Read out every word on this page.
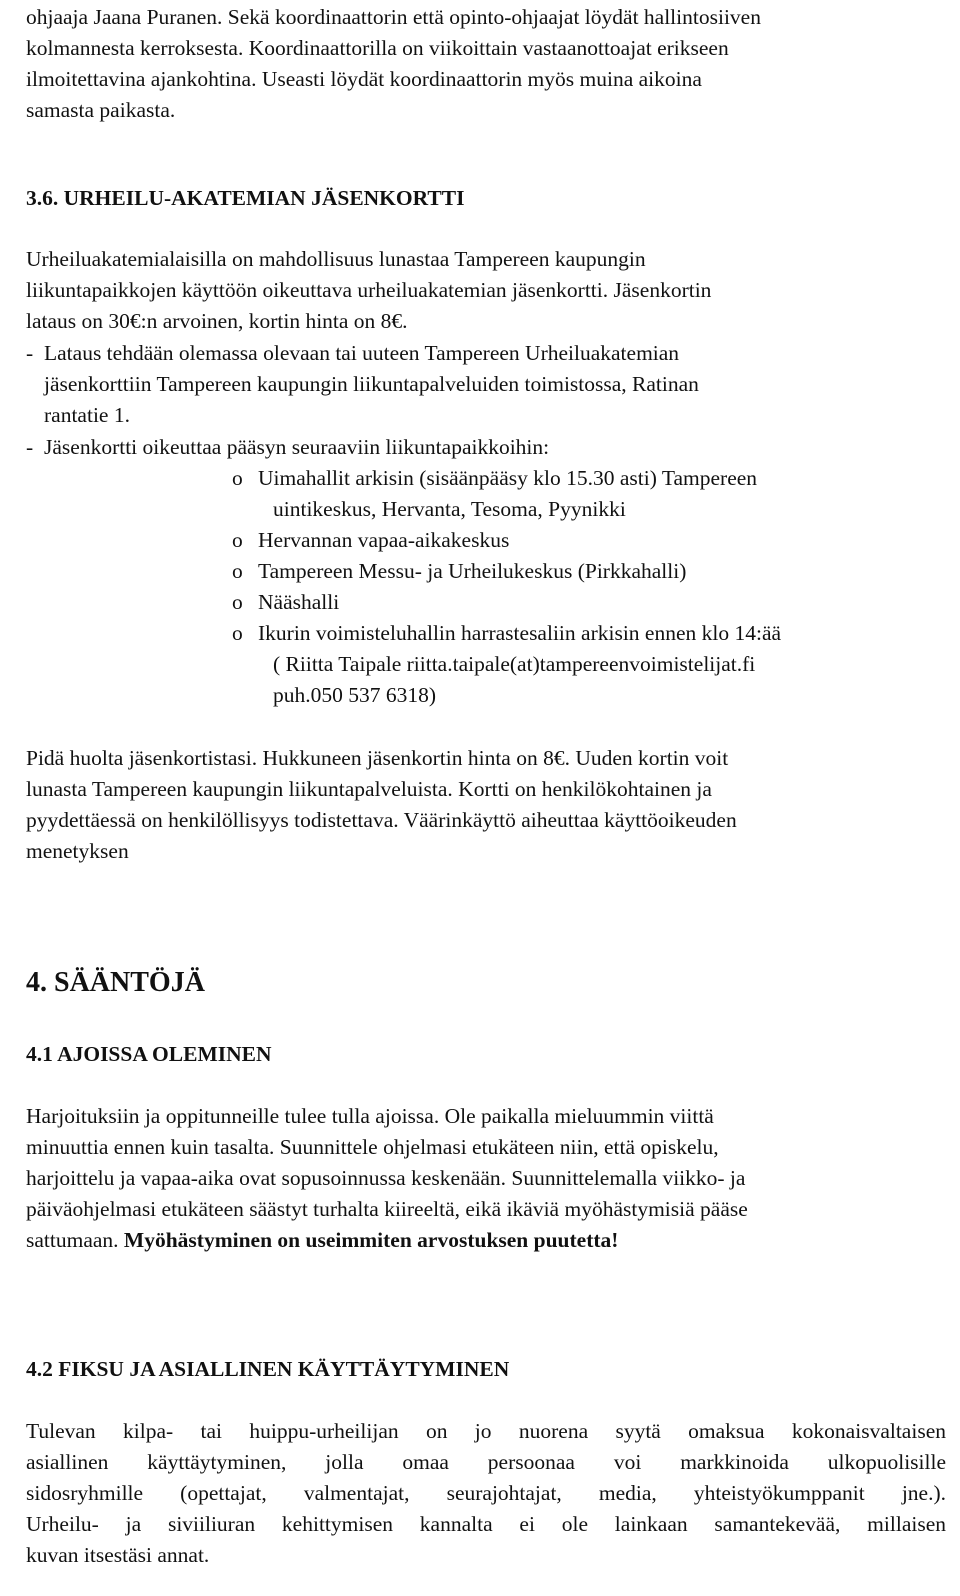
ohjaaja Jaana Puranen. Sekä koordinaattorin että opinto-ohjaajat löydät hallintosiiven
kolmannesta kerroksesta. Koordinaattorilla on viikoittain vastaanottoajat erikseen
ilmoitettavina ajankohtina. Useasti löydät koordinaattorin myös muina aikoina
samasta paikasta.
3.6. URHEILU-AKATEMIAN JÄSENKORTTI
Urheiluakatemialaisilla on mahdollisuus lunastaa Tampereen kaupungin
liikuntapaikkojen käyttöön oikeuttava urheiluakatemian jäsenkortti. Jäsenkortin
lataus on 30€:n arvoinen, kortin hinta on 8€.
- Lataus tehdään olemassa olevaan tai uuteen Tampereen Urheiluakatemian
jäsenkorttiin Tampereen kaupungin liikuntapalveluiden toimistossa, Ratinan
rantatie 1.
- Jäsenkortti oikeuttaa pääsyn seuraaviin liikuntapaikkoihin:
o Uimahallit arkisin (sisäänpääsy klo 15.30 asti) Tampereen
uintikeskus, Hervanta, Tesoma, Pyynikki
o Hervannan vapaa-aikakeskus
o Tampereen Messu- ja Urheilukeskus (Pirkkahalli)
o Nääshalli
o Ikurin voimisteluhallin harrastesaliin arkisin ennen klo 14:ää
( Riitta Taipale riitta.taipale(at)tampereenvoimistelijat.fi
puh.050 537 6318)
Pidä huolta jäsenkortistasi. Hukkuneen jäsenkortin hinta on 8€. Uuden kortin voit
lunasta Tampereen kaupungin liikuntapalveluista. Kortti on henkilökohtainen ja
pyydettäessä on henkilöllisyys todistettava. Väärinkäyttö aiheuttaa käyttöoikeuden
menetyksen
4. SÄÄNTÖJÄ
4.1 AJOISSA OLEMINEN
Harjoituksiin ja oppitunneille tulee tulla ajoissa. Ole paikalla mieluummin viittä
minuuttia ennen kuin tasalta. Suunnittele ohjelmasi etukäteen niin, että opiskelu,
harjoittelu ja vapaa-aika ovat sopusoinnussa keskenään. Suunnittelemalla viikko- ja
päiväohjelmasi etukäteen säästyt turhalta kiireeltä, eikä ikäviä myöhästymisiä pääse
sattumaan. Myöhästyminen on useimmiten arvostuksen puutetta!
4.2 FIKSU JA ASIALLINEN KÄYTTÄYTYMINEN
Tulevan kilpa- tai huippu-urheilijan on jo nuorena syytä omaksua kokonaisvaltaisen
asiallinen käyttäytyminen, jolla omaa persoonaa voi markkinoida ulkopuolisille
sidosryhmille (opettajat, valmentajat, seurajohtajat, media, yhteistyökumppanit jne.).
Urheilu- ja siviiliuran kehittymisen kannalta ei ole lainkaan samantekevää, millaisen
kuvan itsestäsi annat.
